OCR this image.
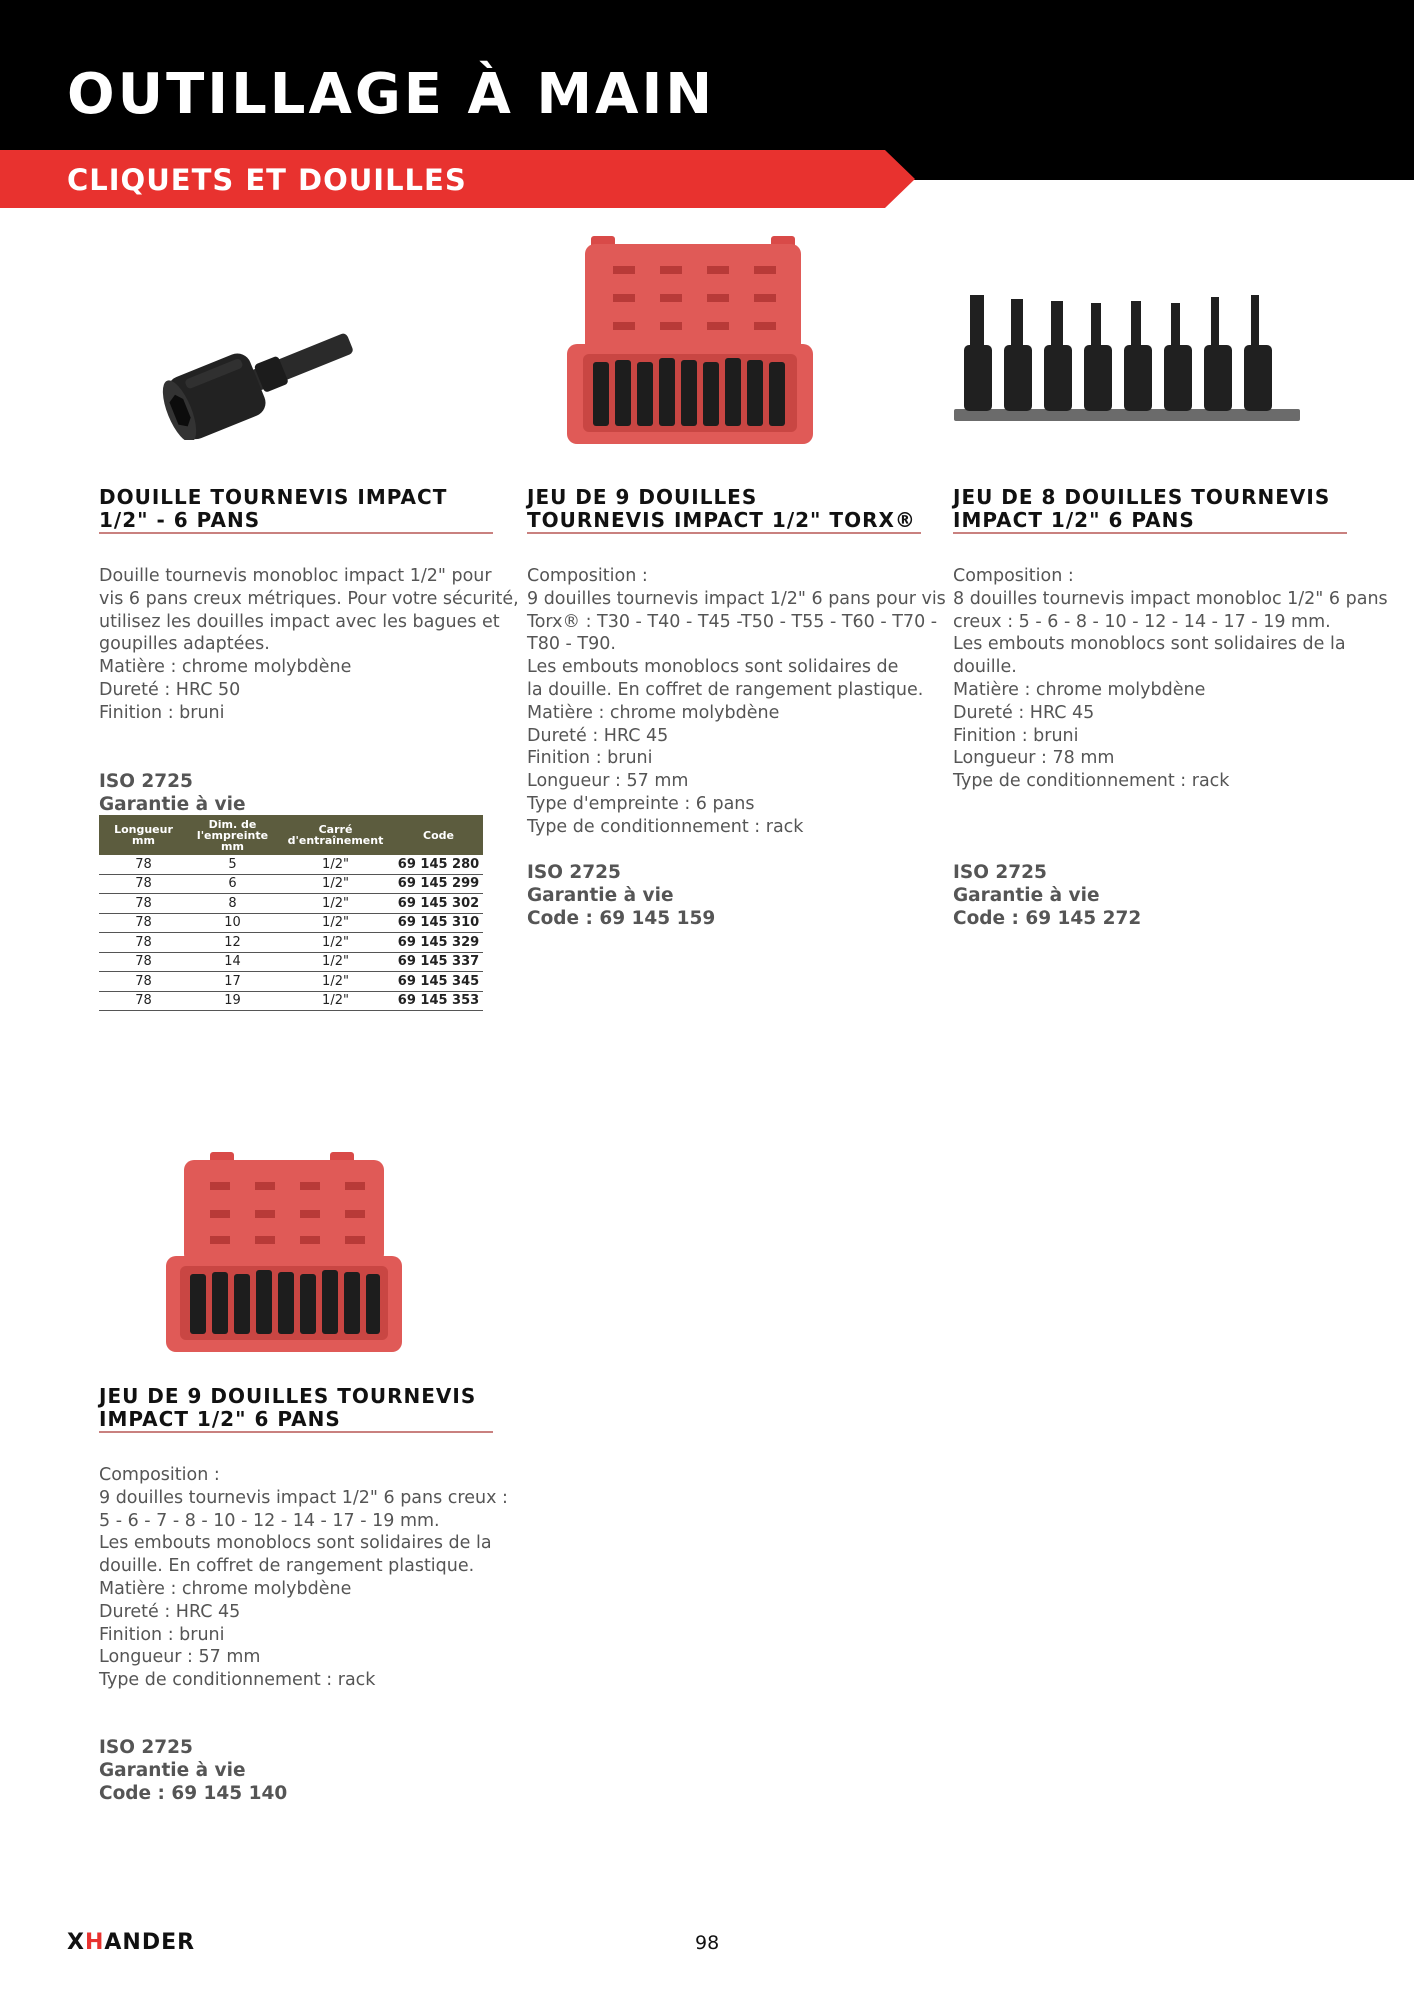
OUTILLAGE À MAIN
CLIQUETS ET DOUILLES
DOUILLE TOURNEVIS IMPACT
1/2" - 6 PANS
Douille tournevis monobloc impact 1/2" pour
vis 6 pans creux métriques. Pour votre sécurité,
utilisez les douilles impact avec les bagues et
goupilles adaptées.
Matière : chrome molybdène
Dureté : HRC 50
Finition : bruni
ISO 2725
Garantie à vie
Longueur mm	Dim. de l'empreinte mm	Carré d'entraînement	Code
78	5	1/2"	69 145 280
78	6	1/2"	69 145 299
78	8	1/2"	69 145 302
78	10	1/2"	69 145 310
78	12	1/2"	69 145 329
78	14	1/2"	69 145 337
78	17	1/2"	69 145 345
78	19	1/2"	69 145 353
JEU DE 9 DOUILLES
TOURNEVIS IMPACT 1/2" TORX®
Composition :
9 douilles tournevis impact 1/2" 6 pans pour vis
Torx® : T30 - T40 - T45 -T50 - T55 - T60 - T70 -
T80 - T90.
Les embouts monoblocs sont solidaires de
la douille. En coffret de rangement plastique.
Matière : chrome molybdène
Dureté : HRC 45
Finition : bruni
Longueur : 57 mm
Type d'empreinte : 6 pans
Type de conditionnement : rack
ISO 2725
Garantie à vie
Code : 69 145 159
JEU DE 8 DOUILLES TOURNEVIS
IMPACT 1/2" 6 PANS
Composition :
8 douilles tournevis impact monobloc 1/2" 6 pans
creux : 5 - 6 - 8 - 10 - 12 - 14 - 17 - 19 mm.
Les embouts monoblocs sont solidaires de la
douille.
Matière : chrome molybdène
Dureté : HRC 45
Finition : bruni
Longueur : 78 mm
Type de conditionnement : rack
ISO 2725
Garantie à vie
Code : 69 145 272
JEU DE 9 DOUILLES TOURNEVIS
IMPACT 1/2" 6 PANS
Composition :
9 douilles tournevis impact 1/2" 6 pans creux :
5 - 6 - 7 - 8 - 10 - 12 - 14 - 17 - 19 mm.
Les embouts monoblocs sont solidaires de la
douille. En coffret de rangement plastique.
Matière : chrome molybdène
Dureté : HRC 45
Finition : bruni
Longueur : 57 mm
Type de conditionnement : rack
ISO 2725
Garantie à vie
Code : 69 145 140
XHANDER	98
